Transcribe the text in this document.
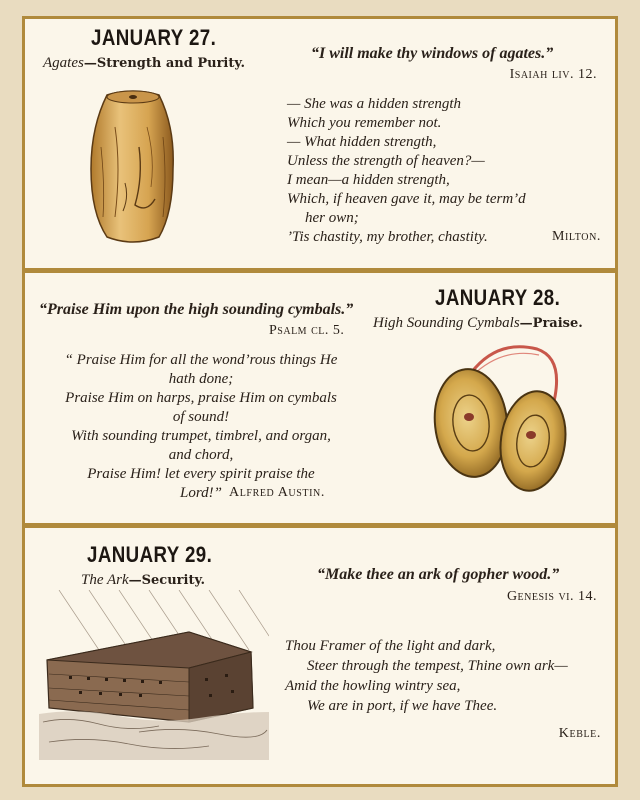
JANUARY 27.
Agates—Strength and Purity.
“I will make thy windows of agates.”
Isaiah liv. 12.
— She was a hidden strength
Which you remember not.
— What hidden strength,
Unless the strength of heaven?—
I mean—a hidden strength,
Which, if heaven gave it, may be term’d
her own;
’Tis chastity, my brother, chastity.	Milton.
“Praise Him upon the high sounding cymbals.”
Psalm cl. 5.
JANUARY 28.
High Sounding Cymbals—Praise.
“ Praise Him for all the wond’rous things He
hath done;
Praise Him on harps, praise Him on cymbals
of sound!
With sounding trumpet, timbrel, and organ,
and chord,
Praise Him! let every spirit praise the
Lord!” Alfred Austin.
JANUARY 29.
The Ark—Security.	“Make thee an ark of gopher wood.”
Genesis vi. 14.
Thou Framer of the light and dark,
Steer through the tempest, Thine own ark—
Amid the howling wintry sea,
We are in port, if we have Thee.
Keble.
